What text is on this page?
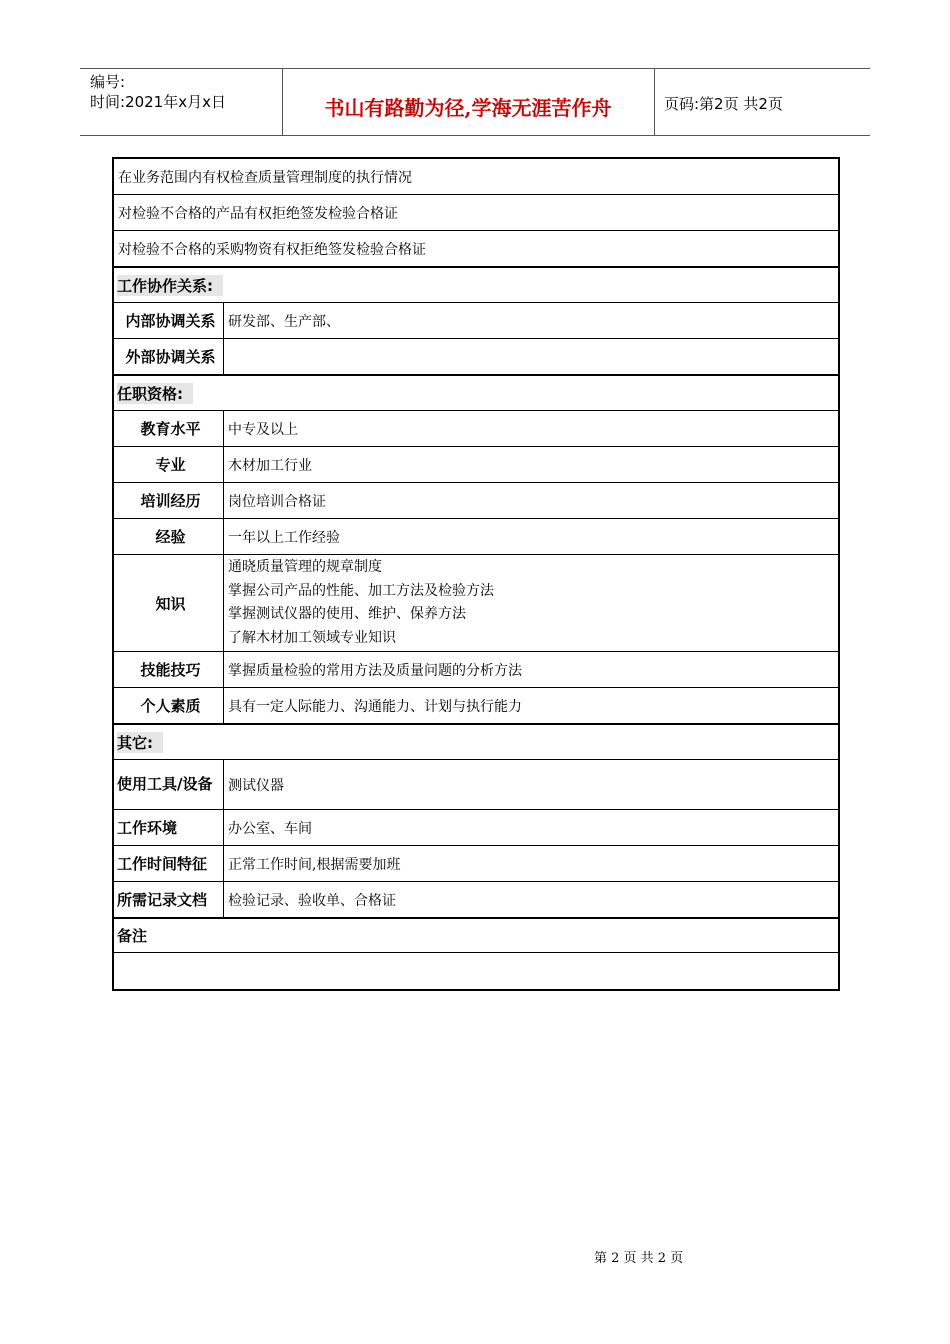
编号:
时间:2021年x月x日	书山有路勤为径,学海无涯苦作舟	页码:第2页 共2页
在业务范围内有权检查质量管理制度的执行情况
对检验不合格的产品有权拒绝签发检验合格证
对检验不合格的采购物资有权拒绝签发检验合格证
工作协作关系:
内部协调关系 研发部、生产部、
外部协调关系
任职资格:
教育水平	中专及以上
专业	木材加工行业
培训经历	岗位培训合格证
经验	一年以上工作经验
知识
通晓质量管理的规章制度
掌握公司产品的性能、加工方法及检验方法
掌握测试仪器的使用、维护、保养方法
了解木材加工领域专业知识
技能技巧	掌握质量检验的常用方法及质量问题的分析方法
个人素质	具有一定人际能力、沟通能力、计划与执行能力
其它:
使用工具/设备	测试仪器
工作环境	办公室、车间
工作时间特征	正常工作时间,根据需要加班
所需记录文档	检验记录、验收单、合格证
备注
第 2 页 共 2 页
